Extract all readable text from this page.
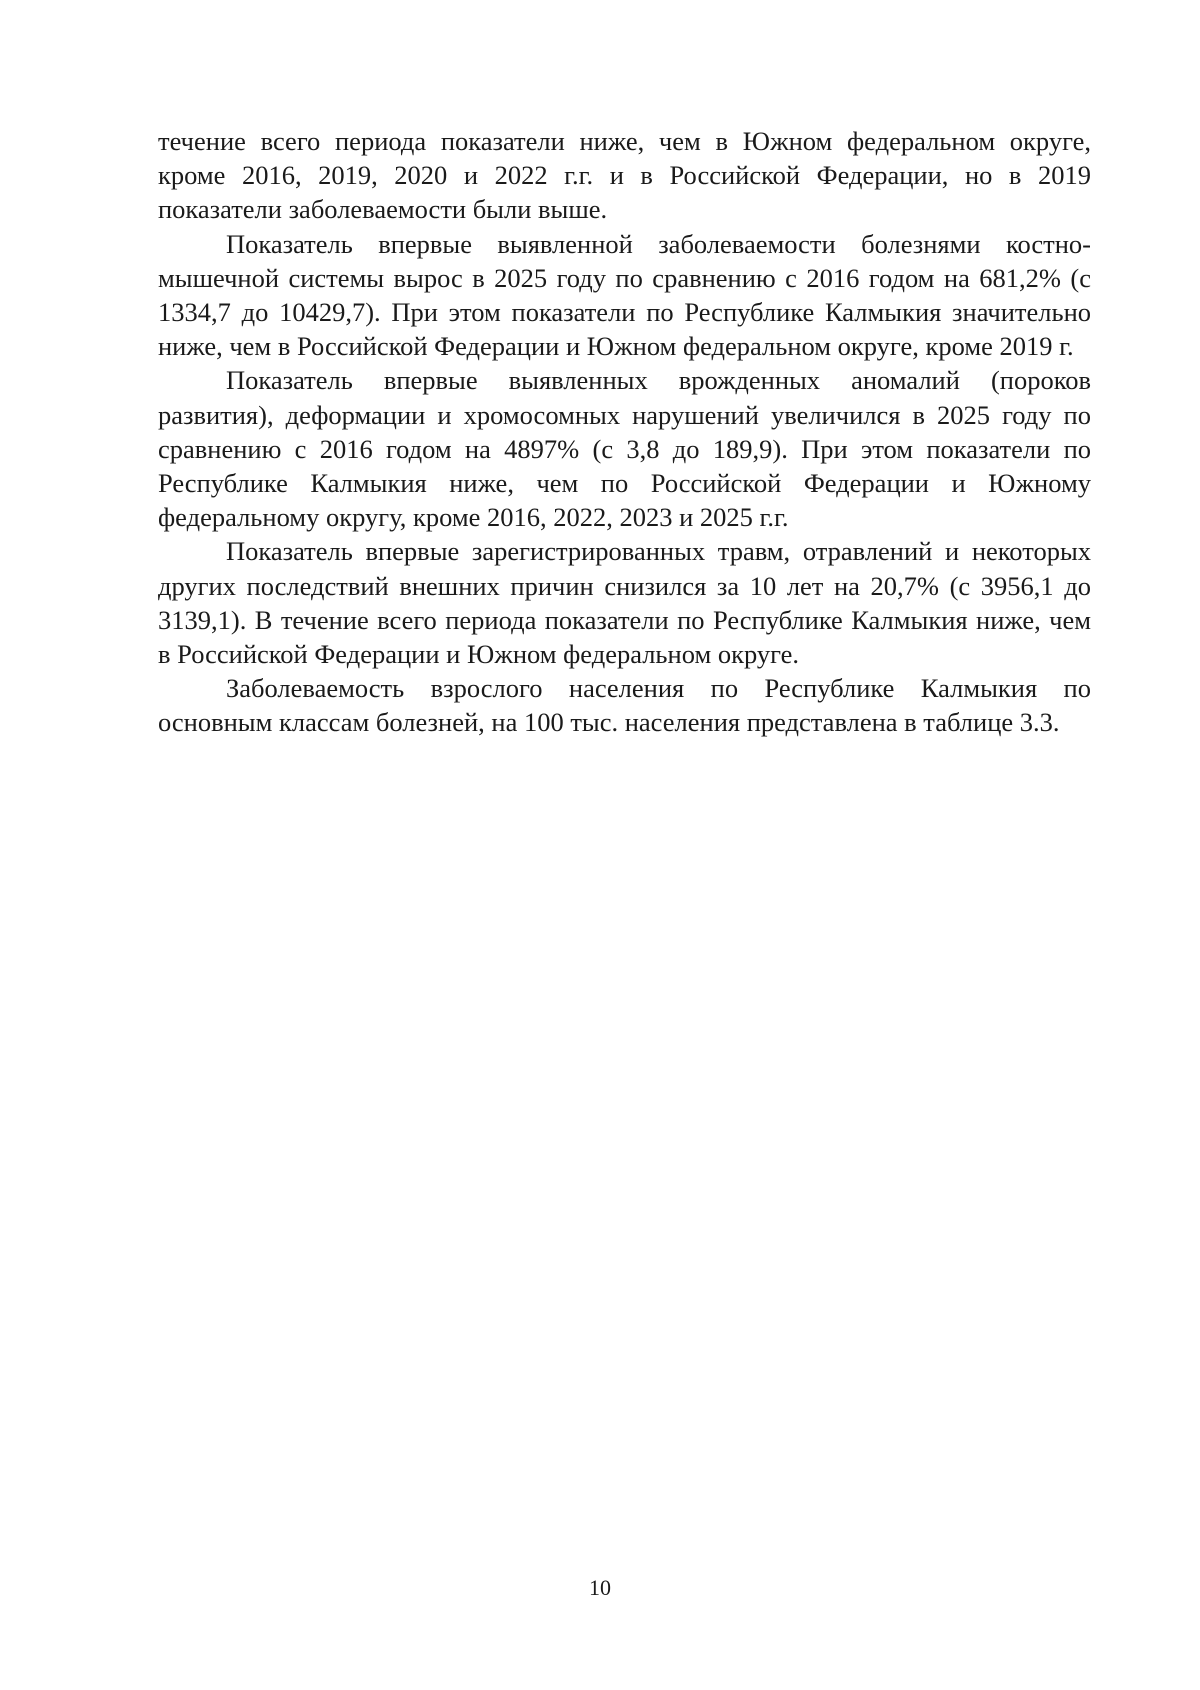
течение всего периода показатели ниже, чем в Южном федеральном округе, кроме 2016, 2019, 2020 и 2022 г.г. и в Российской Федерации, но в 2019 показатели заболеваемости были выше.

Показатель впервые выявленной заболеваемости болезнями костно-мышечной системы вырос в 2025 году по сравнению с 2016 годом на 681,2% (с 1334,7 до 10429,7). При этом показатели по Республике Калмыкия значительно ниже, чем в Российской Федерации и Южном федеральном округе, кроме 2019 г.

Показатель впервые выявленных врожденных аномалий (пороков развития), деформации и хромосомных нарушений увеличился в 2025 году по сравнению с 2016 годом на 4897% (с 3,8 до 189,9). При этом показатели по Республике Калмыкия ниже, чем по Российской Федерации и Южному федеральному округу, кроме 2016, 2022, 2023 и 2025 г.г.

Показатель впервые зарегистрированных травм, отравлений и некоторых других последствий внешних причин снизился за 10 лет на 20,7% (с 3956,1 до 3139,1). В течение всего периода показатели по Республике Калмыкия ниже, чем в Российской Федерации и Южном федеральном округе.

Заболеваемость взрослого населения по Республике Калмыкия по основным классам болезней, на 100 тыс. населения представлена в таблице 3.3.

10
